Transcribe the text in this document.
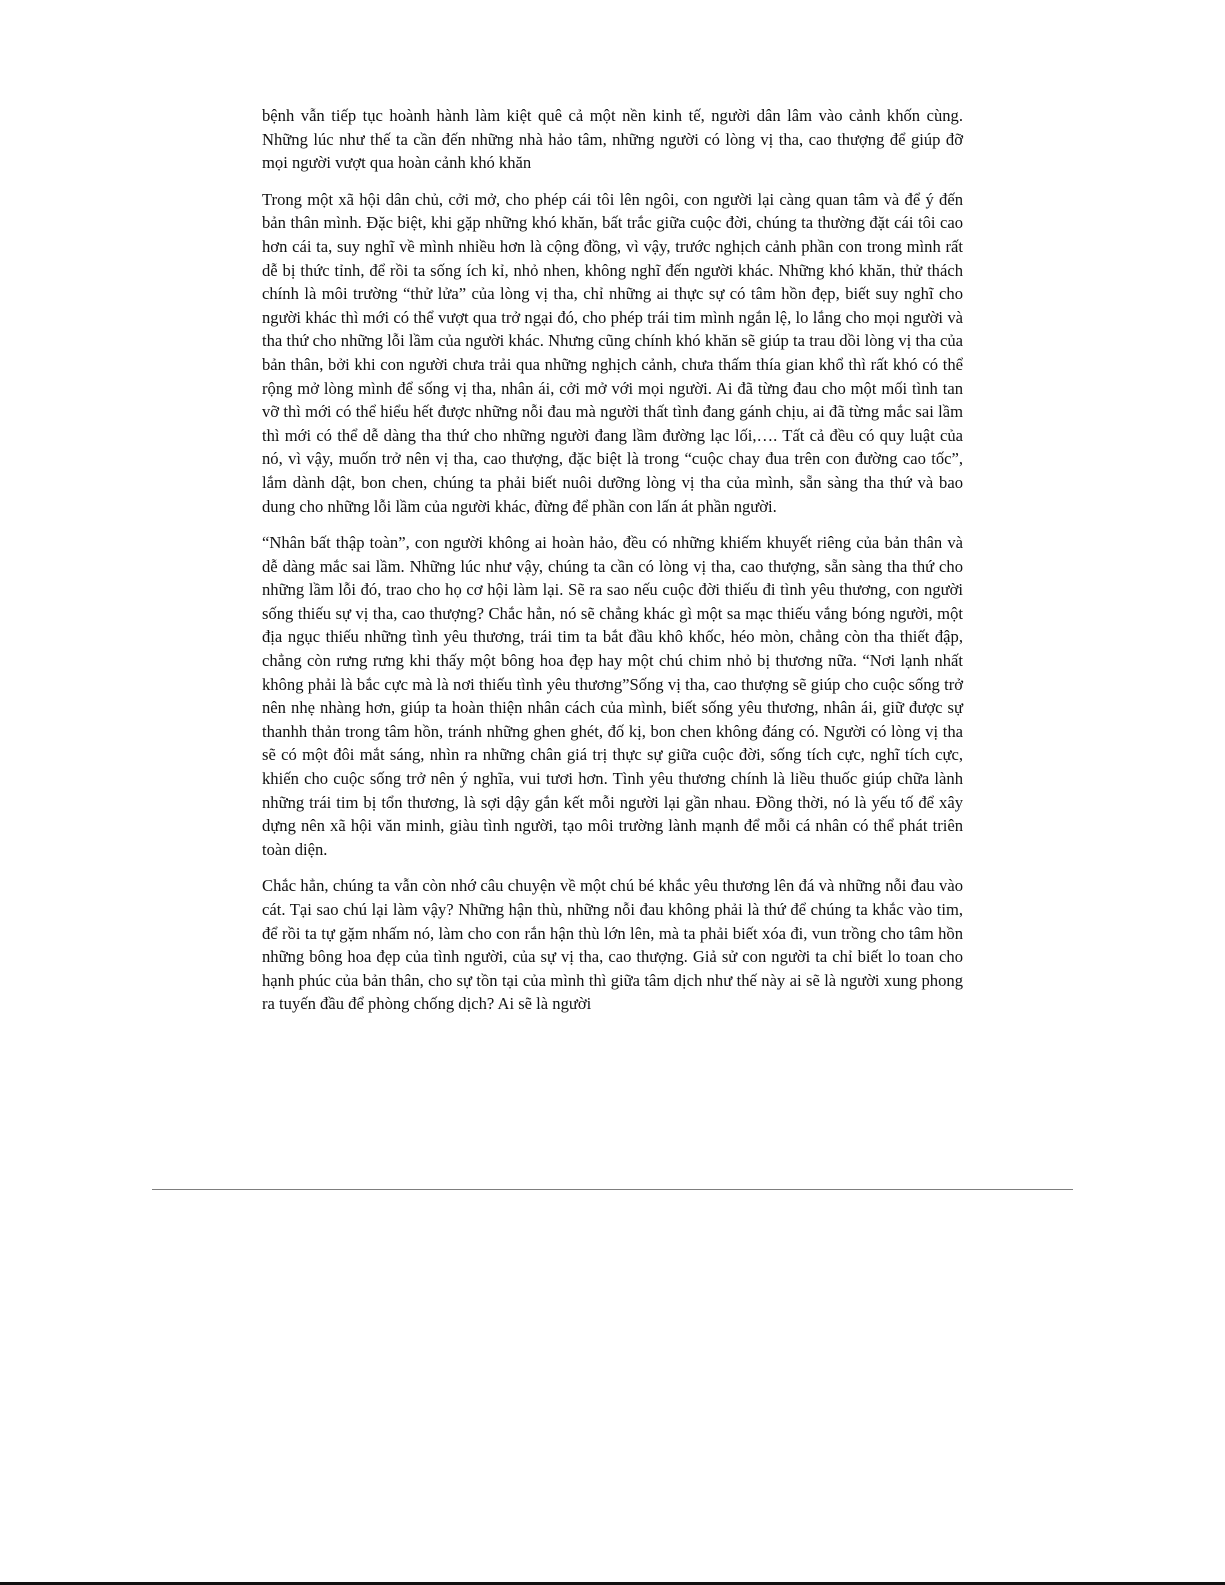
bệnh vẫn tiếp tục hoành hành làm kiệt quê cả một nền kinh tế, người dân lâm vào cảnh khốn cùng. Những lúc như thế ta cần đến những nhà hảo tâm, những người có lòng vị tha, cao thượng để giúp đỡ mọi người vượt qua hoàn cảnh khó khăn

Trong một xã hội dân chủ, cởi mở, cho phép cái tôi lên ngôi, con người lại càng quan tâm và để ý đến bản thân mình. Đặc biệt, khi gặp những khó khăn, bất trắc giữa cuộc đời, chúng ta thường đặt cái tôi cao hơn cái ta, suy nghĩ về mình nhiều hơn là cộng đồng, vì vậy, trước nghịch cảnh phần con trong mình rất dễ bị thức tỉnh, để rồi ta sống ích kỉ, nhỏ nhen, không nghĩ đến người khác. Những khó khăn, thử thách chính là môi trường “thử lửa” của lòng vị tha, chỉ những ai thực sự có tâm hồn đẹp, biết suy nghĩ cho người khác thì mới có thể vượt qua trở ngại đó, cho phép trái tim mình ngắn lệ, lo lắng cho mọi người và tha thứ cho những lỗi lầm của người khác. Nhưng cũng chính khó khăn sẽ giúp ta trau dồi lòng vị tha của bản thân, bởi khi con người chưa trải qua những nghịch cảnh, chưa thấm thía gian khổ thì rất khó có thể rộng mở lòng mình để sống vị tha, nhân ái, cởi mở với mọi người. Ai đã từng đau cho một mối tình tan vỡ thì mới có thể hiểu hết được những nỗi đau mà người thất tình đang gánh chịu, ai đã từng mắc sai lầm thì mới có thể dễ dàng tha thứ cho những người đang lầm đường lạc lối,…. Tất cả đều có quy luật của nó, vì vậy, muốn trở nên vị tha, cao thượng, đặc biệt là trong “cuộc chay đua trên con đường cao tốc”, lắm dành dật, bon chen, chúng ta phải biết nuôi dưỡng lòng vị tha của mình, sẵn sàng tha thứ và bao dung cho những lỗi lầm của người khác, đừng để phần con lấn át phần người.

“Nhân bất thập toàn”, con người không ai hoàn hảo, đều có những khiếm khuyết riêng của bản thân và dễ dàng mắc sai lầm. Những lúc như vậy, chúng ta cần có lòng vị tha, cao thượng, sẵn sàng tha thứ cho những lầm lỗi đó, trao cho họ cơ hội làm lại. Sẽ ra sao nếu cuộc đời thiếu đi tình yêu thương, con người sống thiếu sự vị tha, cao thượng? Chắc hẳn, nó sẽ chẳng khác gì một sa mạc thiếu vắng bóng người, một địa ngục thiếu những tình yêu thương, trái tim ta bắt đầu khô khốc, héo mòn, chẳng còn tha thiết đập, chẳng còn rưng rưng khi thấy một bông hoa đẹp hay một chú chim nhỏ bị thương nữa. “Nơi lạnh nhất không phải là bắc cực mà là nơi thiếu tình yêu thương”Sống vị tha, cao thượng sẽ giúp cho cuộc sống trở nên nhẹ nhàng hơn, giúp ta hoàn thiện nhân cách của mình, biết sống yêu thương, nhân ái, giữ được sự thanhh thản trong tâm hồn, tránh những ghen ghét, đố kị, bon chen không đáng có. Người có lòng vị tha sẽ có một đôi mắt sáng, nhìn ra những chân giá trị thực sự giữa cuộc đời, sống tích cực, nghĩ tích cực, khiến cho cuộc sống trở nên ý nghĩa, vui tươi hơn. Tình yêu thương chính là liều thuốc giúp chữa lành những trái tim bị tổn thương, là sợi dậy gắn kết mỗi người lại gần nhau. Đồng thời, nó là yếu tố để xây dựng nên xã hội văn minh, giàu tình người, tạo môi trường lành mạnh để mỗi cá nhân có thể phát triên toàn diện.

Chắc hẳn, chúng ta vẫn còn nhớ câu chuyện về một chú bé khắc yêu thương lên đá và những nỗi đau vào cát. Tại sao chú lại làm vậy? Những hận thù, những nỗi đau không phải là thứ để chúng ta khắc vào tim, để rồi ta tự gặm nhấm nó, làm cho con rắn hận thù lớn lên, mà ta phải biết xóa đi, vun trồng cho tâm hồn những bông hoa đẹp của tình người, của sự vị tha, cao thượng. Giả sử con người ta chỉ biết lo toan cho hạnh phúc của bản thân, cho sự tồn tại của mình thì giữa tâm dịch như thế này ai sẽ là người xung phong ra tuyến đầu để phòng chống dịch? Ai sẽ là người
